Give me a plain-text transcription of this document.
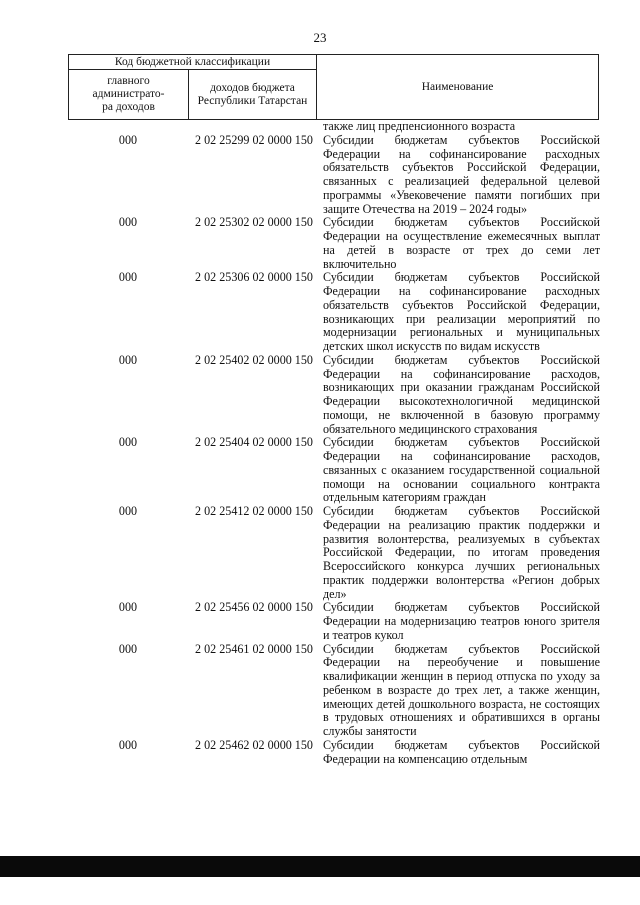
23
Код бюджетной классификации		Наименование
главного
администрато-
ра доходов	доходов бюджета Республики Татарстан	
также лиц предпенсионного возраста
000	2 02 25299 02 0000 150 Субсидии бюджетам субъектов Российской Федерации на софинансирование расходных обязательств субъектов Российской Федерации, связанных с реализацией федеральной целевой программы «Увековечение памяти погибших при защите Отечества на 2019 – 2024 годы»
000	2 02 25302 02 0000 150 Субсидии бюджетам субъектов Российской Федерации на осуществление ежемесячных выплат на детей в возрасте от трех до семи лет включительно
000	2 02 25306 02 0000 150 Субсидии бюджетам субъектов Российской Федерации на софинансирование расходных обязательств субъектов Российской Федерации, возникающих при реализации мероприятий по модернизации региональных и муниципальных детских школ искусств по видам искусств
000	2 02 25402 02 0000 150 Субсидии бюджетам субъектов Российской Федерации на софинансирование расходов, возникающих при оказании гражданам Российской Федерации высокотехнологичной медицинской помощи, не включенной в базовую программу обязательного медицинского страхования
000	2 02 25404 02 0000 150 Субсидии бюджетам субъектов Российской Федерации на софинансирование расходов, связанных с оказанием государственной социальной помощи на основании социального контракта отдельным категориям граждан
000	2 02 25412 02 0000 150 Субсидии бюджетам субъектов Российской Федерации на реализацию практик поддержки и развития волонтерства, реализуемых в субъектах Российской Федерации, по итогам проведения Всероссийского конкурса лучших региональных практик поддержки волонтерства «Регион добрых дел»
000	2 02 25456 02 0000 150 Субсидии бюджетам субъектов Российской Федерации на модернизацию театров юного зрителя и театров кукол
000	2 02 25461 02 0000 150 Субсидии бюджетам субъектов Российской Федерации на переобучение и повышение квалификации женщин в период отпуска по уходу за ребенком в возрасте до трех лет, а также женщин, имеющих детей дошкольного возраста, не состоящих в трудовых отношениях и обратившихся в органы службы занятости
000	2 02 25462 02 0000 150 Субсидии бюджетам субъектов Российской Федерации на компенсацию отдельным
